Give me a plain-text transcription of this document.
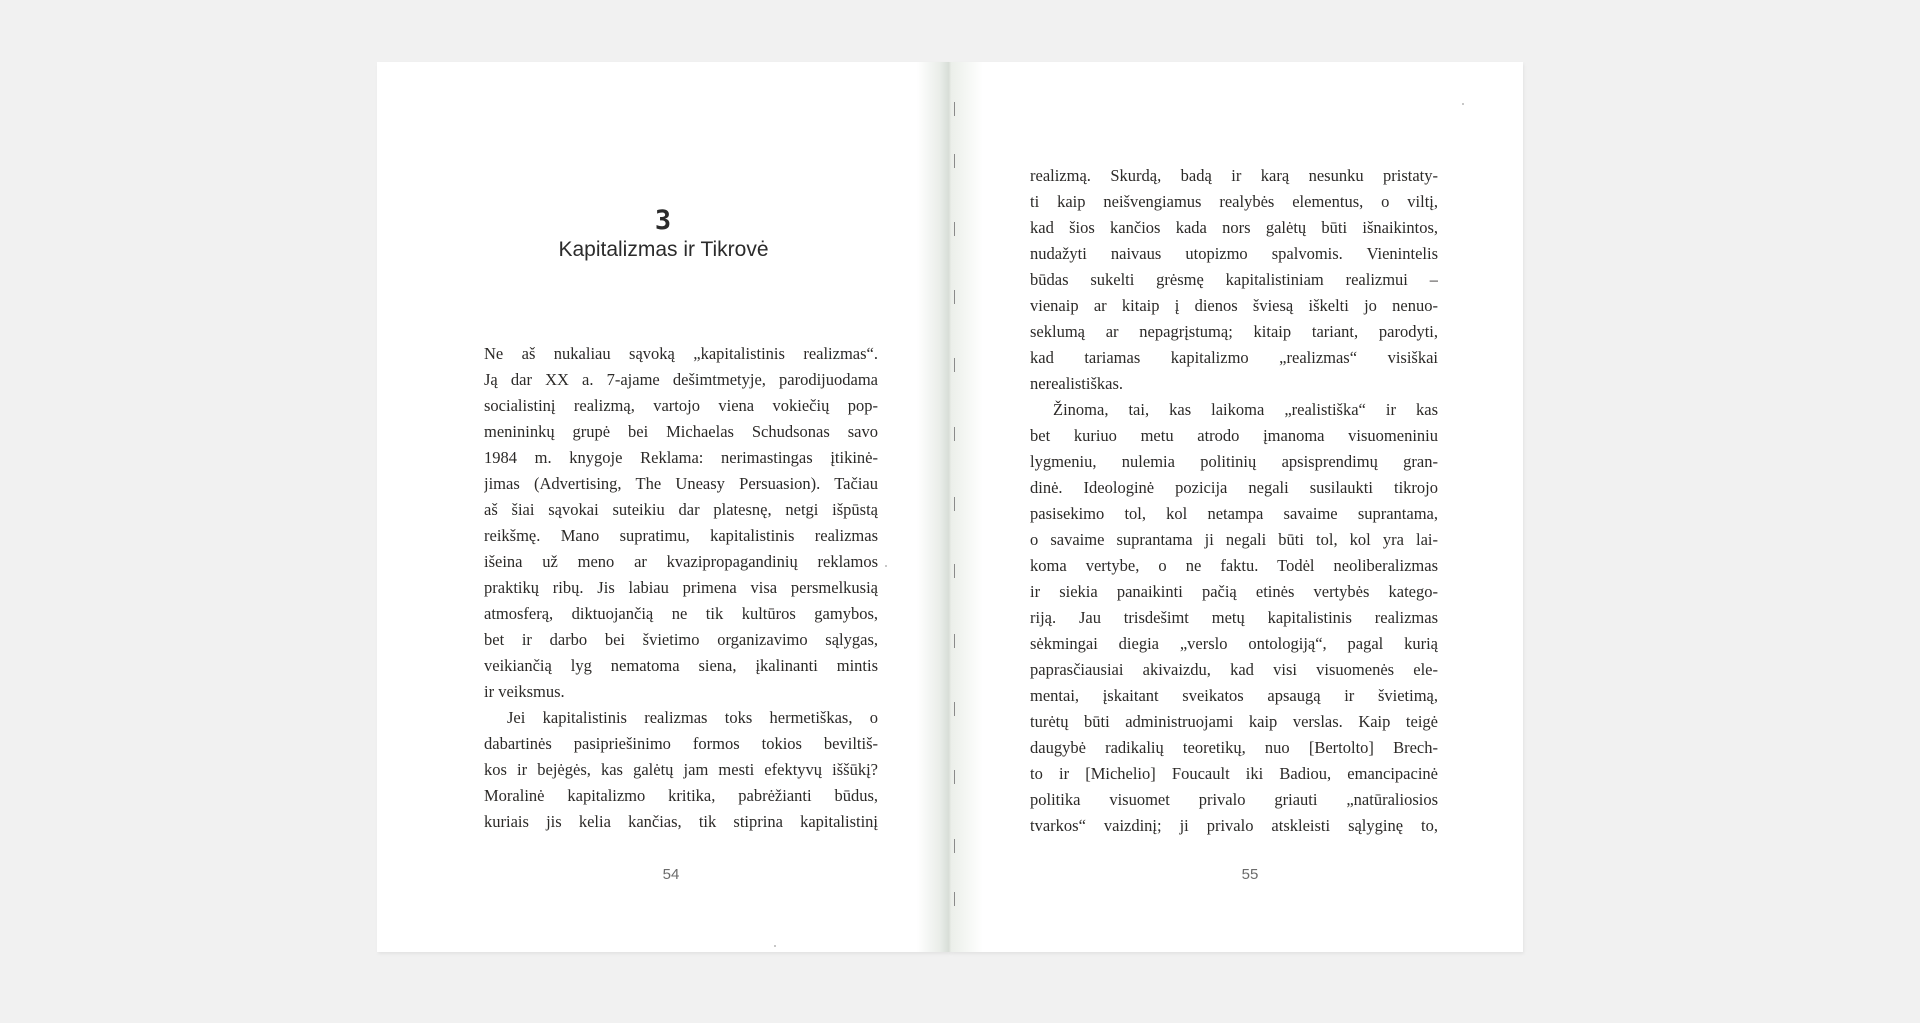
3
Kapitalizmas ir Tikrovė
54	55
Ne aš nukaliau sąvoką „kapitalistinis realizmas“.
Ją dar XX a. 7-ajame dešimtmetyje, parodijuodama
socialistinį realizmą, vartojo viena vokiečių pop-
menininkų grupė bei Michaelas Schudsonas savo
1984 m. knygoje Reklama: nerimastingas įtikinė-
jimas (Advertising, The Uneasy Persuasion). Tačiau
aš šiai sąvokai suteikiu dar platesnę, netgi išpūstą
reikšmę. Mano supratimu, kapitalistinis realizmas
išeina už meno ar kvazipropagandinių reklamos
praktikų ribų. Jis labiau primena visa persmelkusią
atmosferą, diktuojančią ne tik kultūros gamybos,
bet ir darbo bei švietimo organizavimo sąlygas,
veikiančią lyg nematoma siena, įkalinanti mintis
ir veiksmus.
Jei kapitalistinis realizmas toks hermetiškas, o
dabartinės pasipriešinimo formos tokios beviltiš-
kos ir bejėgės, kas galėtų jam mesti efektyvų iššūkį?
Moralinė kapitalizmo kritika, pabrėžianti būdus,
kuriais jis kelia kančias, tik stiprina kapitalistinį
realizmą. Skurdą, badą ir karą nesunku pristaty-
ti kaip neišvengiamus realybės elementus, o viltį,
kad šios kančios kada nors galėtų būti išnaikintos,
nudažyti naivaus utopizmo spalvomis. Vienintelis
būdas sukelti grėsmę kapitalistiniam realizmui –
vienaip ar kitaip į dienos šviesą iškelti jo nenuo-
seklumą ar nepagrįstumą; kitaip tariant, parodyti,
kad tariamas kapitalizmo „realizmas“ visiškai
nerealistiškas.
Žinoma, tai, kas laikoma „realistiška“ ir kas
bet kuriuo metu atrodo įmanoma visuomeniniu
lygmeniu, nulemia politinių apsisprendimų gran-
dinė. Ideologinė pozicija negali susilaukti tikrojo
pasisekimo tol, kol netampa savaime suprantama,
o savaime suprantama ji negali būti tol, kol yra lai-
koma vertybe, o ne faktu. Todėl neoliberalizmas
ir siekia panaikinti pačią etinės vertybės katego-
riją. Jau trisdešimt metų kapitalistinis realizmas
sėkmingai diegia „verslo ontologiją“, pagal kurią
paprasčiausiai akivaizdu, kad visi visuomenės ele-
mentai, įskaitant sveikatos apsaugą ir švietimą,
turėtų būti administruojami kaip verslas. Kaip teigė
daugybė radikalių teoretikų, nuo [Bertolto] Brech-
to ir [Michelio] Foucault iki Badiou, emancipacinė
politika visuomet privalo griauti „natūraliosios
tvarkos“ vaizdinį; ji privalo atskleisti sąlyginę to,
